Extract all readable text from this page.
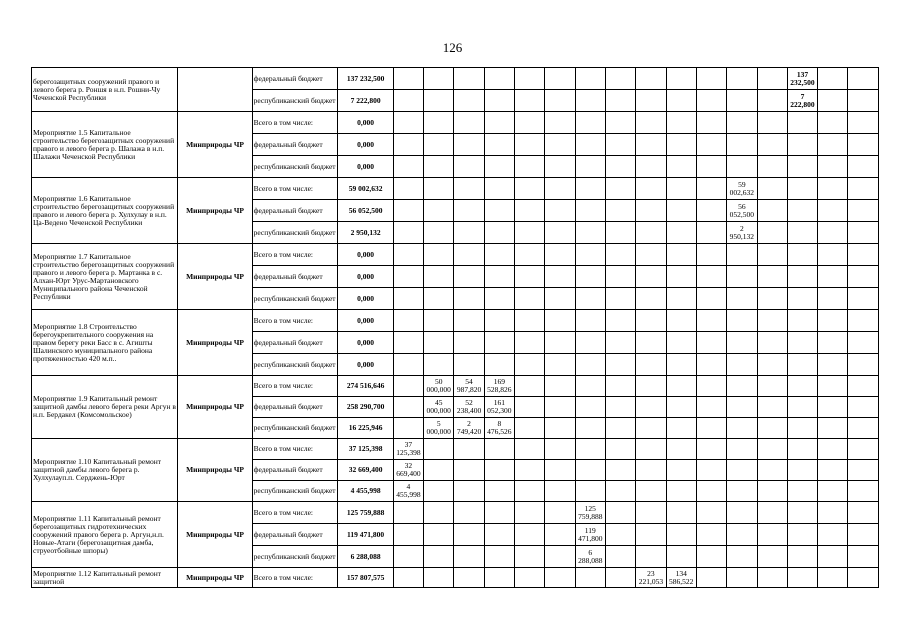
126
берегозащитных сооружений правого и левого берега р. Роншя в н.п. Рошни-Чу Чеченской Республики		федеральный бюджет	137 232,500														137 232,500		
		республиканский бюджет	7 222,800														7 222,800		
Мероприятие 1.5 Капитальное строительство берегозащитных сооружений правого и левого берега р. Шалажа в н.п. Шалажи Чеченской Республики	Минприроды ЧР	Всего в том числе:	0,000																
		федеральный бюджет	0,000																
		республиканский бюджет	0,000																
Мероприятие 1.6 Капитальное строительство берегозащитных сооружений правого и левого берега р. Хулхулау в н.п. Ца-Ведено Чеченской Республики	Минприроды ЧР	Всего в том числе:	59 002,632												59 002,632				
		федеральный бюджет	56 052,500												56 052,500				
		республиканский бюджет	2 950,132												2 950,132				
Мероприятие 1.7 Капитальное строительство берегозащитных сооружений правого и левого берега р. Мартанка в с. Алхан-Юрт Урус-Мартановского Муниципального района Чеченской Республики	Минприроды ЧР	Всего в том числе:	0,000																
		федеральный бюджет	0,000																
		республиканский бюджет	0,000																
Мероприятие 1.8 Строительство берегоукрепительного сооружения на правом берегу реки Басс в с. Агишты Шалинского муниципального района протяженностью 420 м.п..	Минприроды ЧР	Всего в том числе:	0,000																
		федеральный бюджет	0,000																
		республиканский бюджет	0,000																
Мероприятие 1.9 Капитальный ремонт защитной дамбы левого берега реки Аргун в н.п. Бердакел (Комсомольское)	Минприроды ЧР	Всего в том числе:	274 516,646		50 000,000	54 987,820	169 528,826												
		федеральный бюджет	258 290,700		45 000,000	52 238,400	161 052,300												
		республиканский бюджет	16 225,946		5 000,000	2 749,420	8 476,526												
Мероприятие 1.10 Капитальный ремонт защитной дамбы левого берега р. Хулхулауп.п. Серджень-Юрт	Минприроды ЧР	Всего в том числе:	37 125,398	37 125,398															
		федеральный бюджет	32 669,400	32 669,400															
		республиканский бюджет	4 455,998	4 455,998															
Мероприятие 1.11 Капитальный ремонт берегозащитных гидротехнических сооружений правого берега р. Аргун,н.п. Новые-Атаги (берегозащитная дамба, струеотбойные шпоры)	Минприроды ЧР	Всего в том числе:	125 759,888							125 759,888									
		федеральный бюджет	119 471,800							119 471,800									
		республиканский бюджет	6 288,088							6 288,088									
Мероприятие 1.12 Капитальный ремонт защитной	Минприроды ЧР	Всего в том числе:	157 807,575									23 221,053	134 586,522						
